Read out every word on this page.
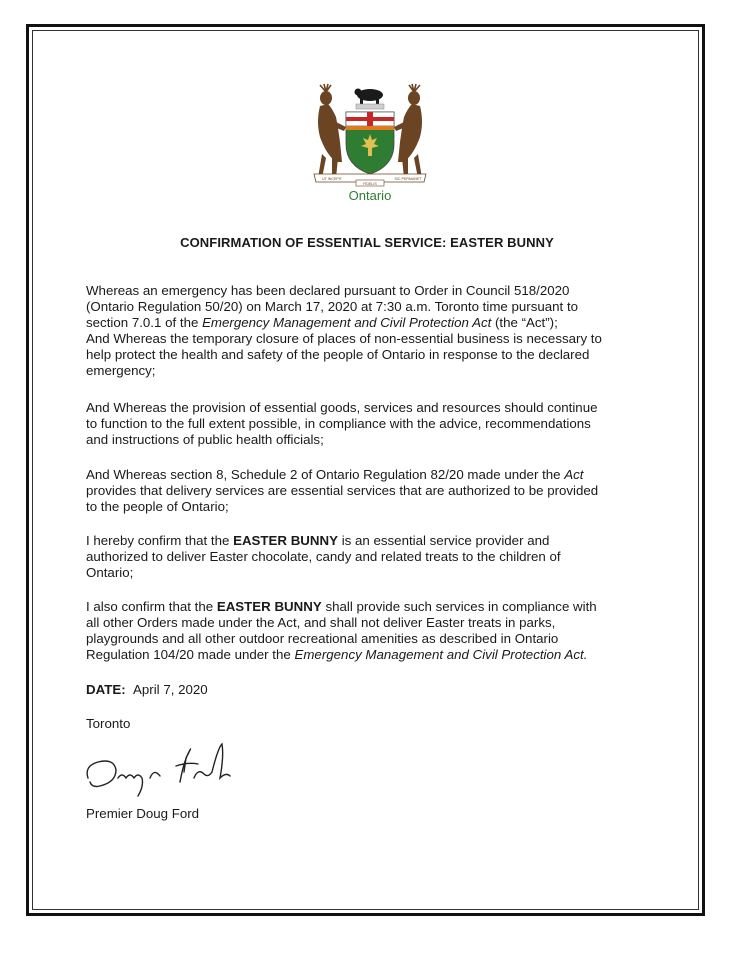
UT INCEPIT
FIDELIS
SIC PERMANET
Ontario
CONFIRMATION OF ESSENTIAL SERVICE: EASTER BUNNY
Whereas an emergency has been declared pursuant to Order in Council 518/2020
(Ontario Regulation 50/20) on March 17, 2020 at 7:30 a.m. Toronto time pursuant to
section 7.0.1 of the Emergency Management and Civil Protection Act (the “Act”);
And Whereas the temporary closure of places of non-essential business is necessary to
help protect the health and safety of the people of Ontario in response to the declared
emergency;
And Whereas the provision of essential goods, services and resources should continue
to function to the full extent possible, in compliance with the advice, recommendations
and instructions of public health officials;
And Whereas section 8, Schedule 2 of Ontario Regulation 82/20 made under the Act
provides that delivery services are essential services that are authorized to be provided
to the people of Ontario;
I hereby confirm that the EASTER BUNNY is an essential service provider and
authorized to deliver Easter chocolate, candy and related treats to the children of
Ontario;
I also confirm that the EASTER BUNNY shall provide such services in compliance with
all other Orders made under the Act, and shall not deliver Easter treats in parks,
playgrounds and all other outdoor recreational amenities as described in Ontario
Regulation 104/20 made under the Emergency Management and Civil Protection Act.
DATE: April 7, 2020
Toronto
Premier Doug Ford
